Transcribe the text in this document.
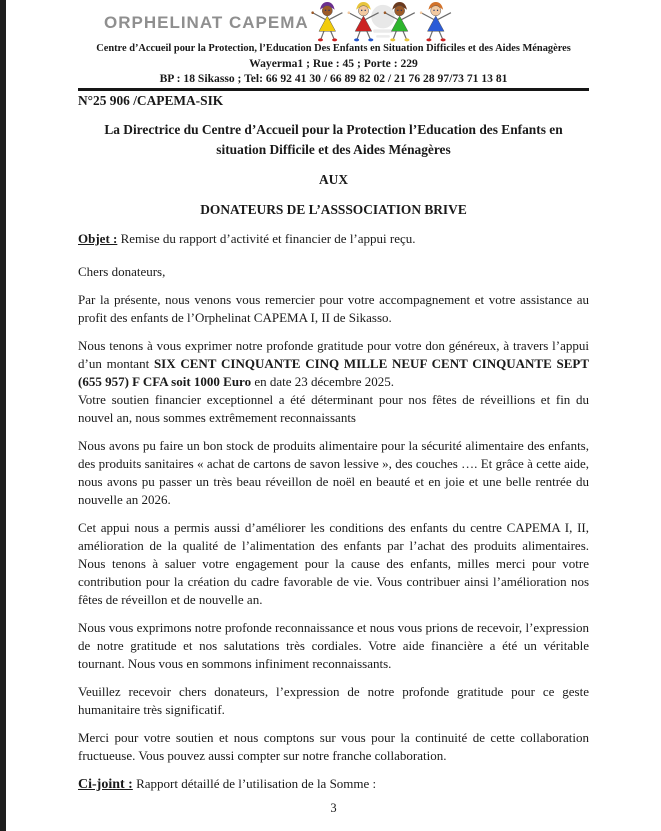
ORPHELINAT CAPEMA
Centre d’Accueil pour la Protection, l’Education Des Enfants en Situation Difficiles et des Aides Ménagères
Wayerma1 ; Rue : 45 ; Porte : 229
BP : 18 Sikasso ; Tel: 66 92 41 30 / 66 89 82 02 / 21 76 28 97/73 71 13 81
N°25 906 /CAPEMA-SIK
La Directrice du Centre d’Accueil pour la Protection l’Education des Enfants en situation Difficile et des Aides Ménagères
AUX
DONATEURS DE L’ASSSOCIATION BRIVE
Objet : Remise du rapport d’activité et financier de l’appui reçu.
Chers donateurs,

Par la présente, nous venons vous remercier pour votre accompagnement et votre assistance au profit des enfants de l’Orphelinat CAPEMA I, II de Sikasso.

Nous tenons à vous exprimer notre profonde gratitude pour votre don généreux, à travers l’appui d’un montant SIX CENT CINQUANTE CINQ MILLE NEUF CENT CINQUANTE SEPT (655 957) F CFA soit 1000 Euro en date 23 décembre 2025.
Votre soutien financier exceptionnel a été déterminant pour nos fêtes de réveillions et fin du nouvel an, nous sommes extrêmement reconnaissants

Nous avons pu faire un bon stock de produits alimentaire pour la sécurité alimentaire des enfants, des produits sanitaires « achat de cartons de savon lessive », des couches …. Et grâce à cette aide, nous avons pu passer un très beau réveillon de noël en beauté et en joie et une belle rentrée du nouvelle an 2026.

Cet appui nous a permis aussi d’améliorer les conditions des enfants du centre CAPEMA I, II, amélioration de la qualité de l’alimentation des enfants par l’achat des produits alimentaires. Nous tenons à saluer votre engagement pour la cause des enfants, milles merci pour votre contribution pour la création du cadre favorable de vie. Vous contribuer ainsi l’amélioration nos fêtes de réveillon et de nouvelle an.

Nous vous exprimons notre profonde reconnaissance et nous vous prions de recevoir, l’expression de notre gratitude et nos salutations très cordiales. Votre aide financière a été un véritable tournant. Nous vous en sommons infiniment reconnaissants.

Veuillez recevoir chers donateurs, l’expression de notre profonde gratitude pour ce geste humanitaire très significatif.

Merci pour votre soutien et nous comptons sur vous pour la continuité de cette collaboration fructueuse. Vous pouvez aussi compter sur notre franche collaboration.

Ci-joint : Rapport détaillé de l’utilisation de la Somme :
3
